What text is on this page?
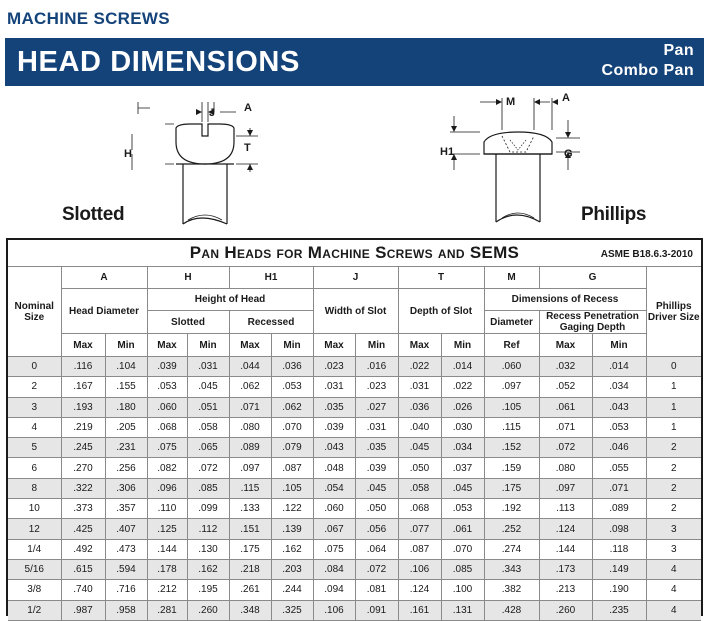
MACHINE SCREWS
HEAD DIMENSIONS	Pan
Combo Pan
J	A
H	T
Slotted
M	A
H1	G
Phillips
Pan Heads for Machine Screws and SEMS ASME B18.6.3-2010														

Nominal Size	A		H		H1		J		T		M	G		Phillips Driver Size
	Head Diameter		Height of Head				Width of Slot		Depth of Slot		Dimensions of Recess			
			Slotted		Recessed						Diameter	Recess Penetration Gaging Depth		
	Max	Min	Max	Min	Max	Min	Max	Min	Max	Min	Ref	Max	Min	
0	.116	.104	.039	.031	.044	.036	.023	.016	.022	.014	.060	.032	.014	0
2	.167	.155	.053	.045	.062	.053	.031	.023	.031	.022	.097	.052	.034	1
3	.193	.180	.060	.051	.071	.062	.035	.027	.036	.026	.105	.061	.043	1
4	.219	.205	.068	.058	.080	.070	.039	.031	.040	.030	.115	.071	.053	1
5	.245	.231	.075	.065	.089	.079	.043	.035	.045	.034	.152	.072	.046	2
6	.270	.256	.082	.072	.097	.087	.048	.039	.050	.037	.159	.080	.055	2
8	.322	.306	.096	.085	.115	.105	.054	.045	.058	.045	.175	.097	.071	2
10	.373	.357	.110	.099	.133	.122	.060	.050	.068	.053	.192	.113	.089	2
12	.425	.407	.125	.112	.151	.139	.067	.056	.077	.061	.252	.124	.098	3
1/4	.492	.473	.144	.130	.175	.162	.075	.064	.087	.070	.274	.144	.118	3
5/16	.615	.594	.178	.162	.218	.203	.084	.072	.106	.085	.343	.173	.149	4
3/8	.740	.716	.212	.195	.261	.244	.094	.081	.124	.100	.382	.213	.190	4
1/2	.987	.958	.281	.260	.348	.325	.106	.091	.161	.131	.428	.260	.235	4
